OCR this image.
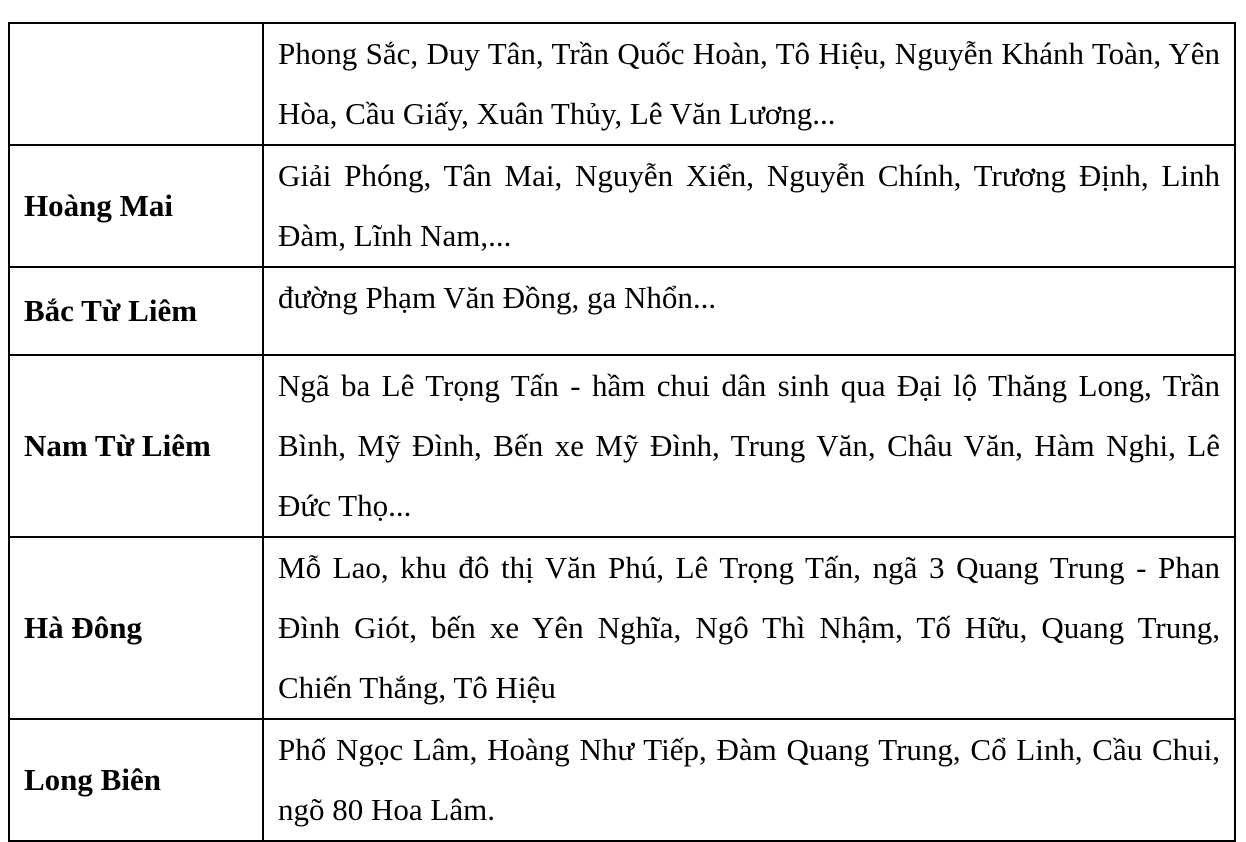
	Phong Sắc, Duy Tân, Trần Quốc Hoàn, Tô Hiệu, Nguyễn Khánh Toàn, Yên Hòa, Cầu Giấy, Xuân Thủy, Lê Văn Lương...
Hoàng Mai	Giải Phóng, Tân Mai, Nguyễn Xiển, Nguyễn Chính, Trương Định, Linh Đàm, Lĩnh Nam,...
Bắc Từ Liêm	đường Phạm Văn Đồng, ga Nhổn...
Nam Từ Liêm	Ngã ba Lê Trọng Tấn - hầm chui dân sinh qua Đại lộ Thăng Long, Trần Bình, Mỹ Đình, Bến xe Mỹ Đình, Trung Văn, Châu Văn, Hàm Nghi, Lê Đức Thọ...
Hà Đông	Mỗ Lao, khu đô thị Văn Phú, Lê Trọng Tấn, ngã 3 Quang Trung - Phan Đình Giót, bến xe Yên Nghĩa, Ngô Thì Nhậm, Tố Hữu, Quang Trung, Chiến Thắng, Tô Hiệu
Long Biên	Phố Ngọc Lâm, Hoàng Như Tiếp, Đàm Quang Trung, Cổ Linh, Cầu Chui, ngõ 80 Hoa Lâm.
